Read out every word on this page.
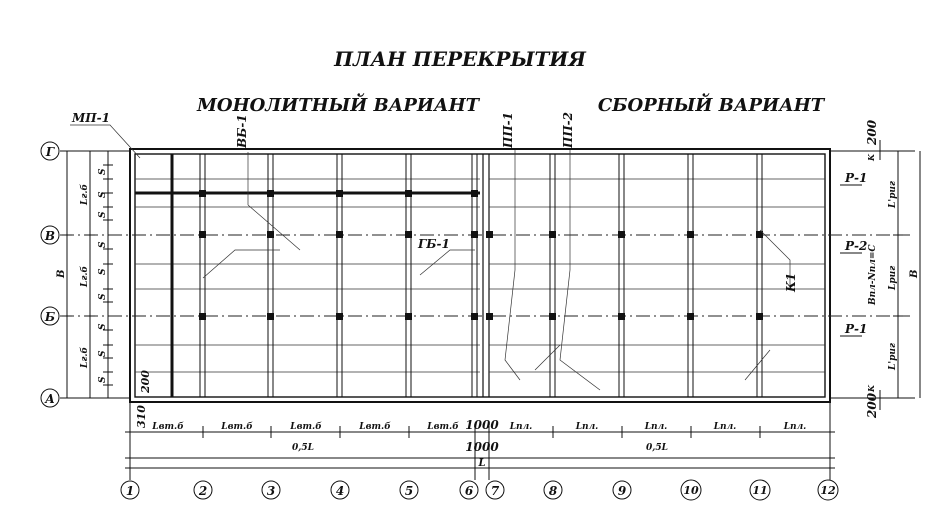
ПЛАН ПЕРЕКРЫТИЯ
МОНОЛИТНЫЙ ВАРИАНТ	СБОРНЫЙ ВАРИАНТ
МП-1	ВБ-1
ГБ-1
ПП-1	ПП-2
Р-1
Р-2
Р-1
К1
B
Lг.б
Lг.б
Lг.б
S
S
S
S
S
S
S
S
S
Г
В
Б
А
200
200
K
K
L'риг
Bпл-Nпл=C Lриг
L'риг
B
200
310 Lвт.б	Lвт.б	Lвт.б	Lвт.б	Lвт.б 1000 Lпл.	Lпл.	Lпл.	Lпл.	Lпл.
0,5L	1000	0,5L
L
1	2	3	4	5	6 7	8	9	10	11	12
